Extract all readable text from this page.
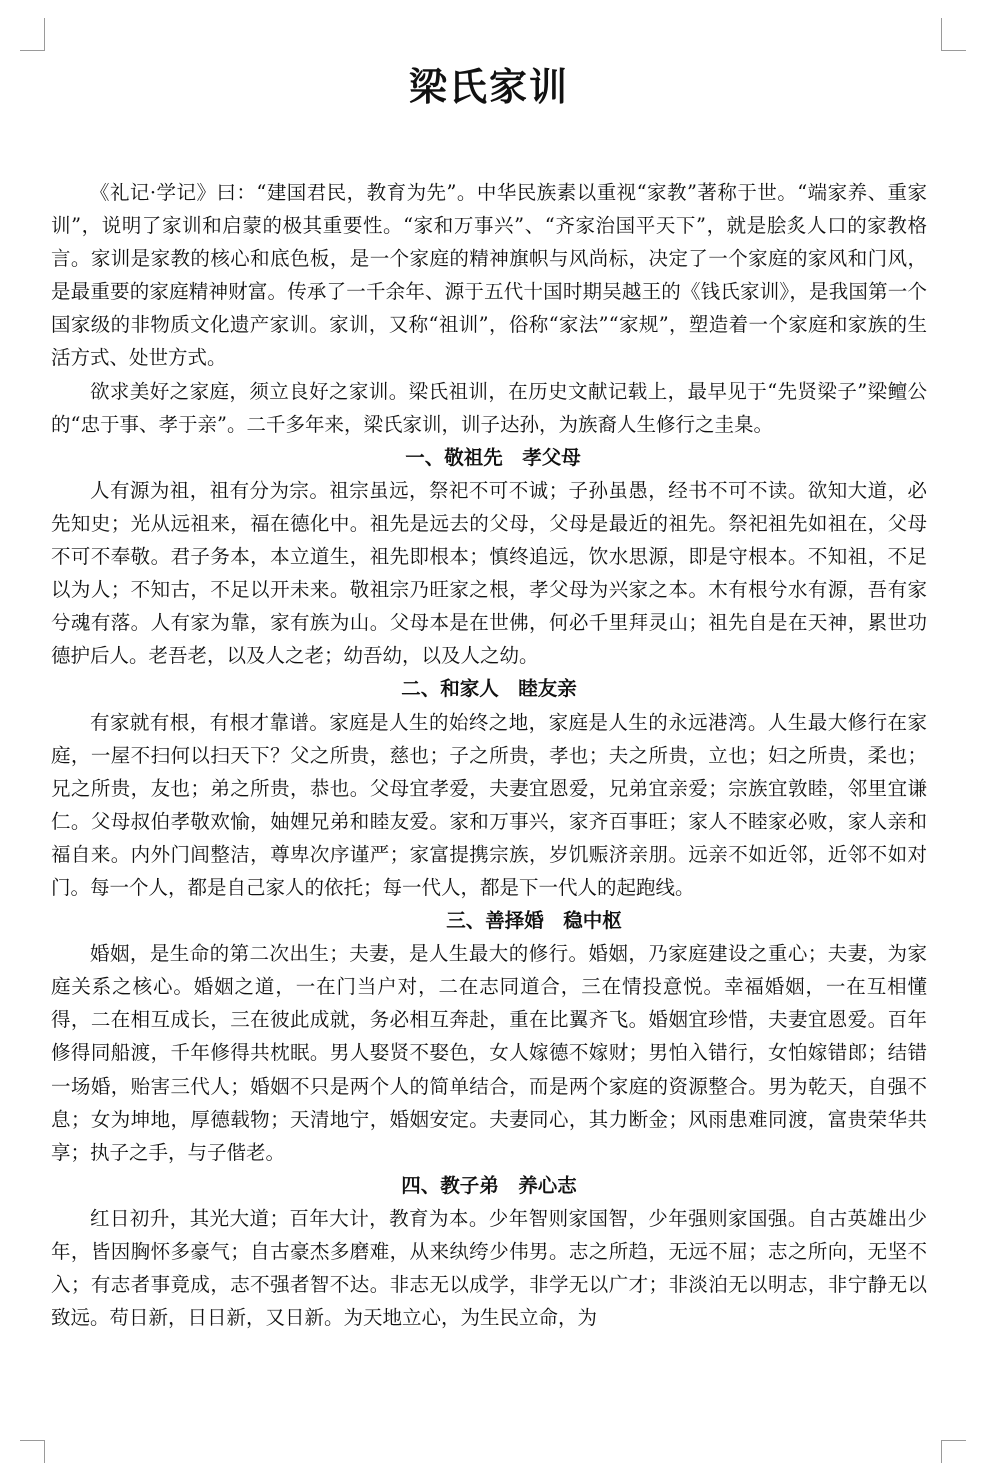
梁氏家训

《礼记·学记》曰：“建国君民，教育为先”。中华民族素以重视“家教”著称于世。“端家养、重家训”，说明了家训和启蒙的极其重要性。“家和万事兴”、“齐家治国平天下”，就是脍炙人口的家教格言。家训是家教的核心和底色板，是一个家庭的精神旗帜与风尚标，决定了一个家庭的家风和门风，是最重要的家庭精神财富。传承了一千余年、源于五代十国时期吴越王的《钱氏家训》，是我国第一个国家级的非物质文化遗产家训。家训，又称“祖训”，俗称“家法”“家规”，塑造着一个家庭和家族的生活方式、处世方式。

欲求美好之家庭，须立良好之家训。梁氏祖训，在历史文献记载上，最早见于“先贤梁子”梁鳣公的“忠于事、孝于亲”。二千多年来，梁氏家训，训子达孙，为族裔人生修行之圭臬。

一、敬祖先　孝父母

人有源为祖，祖有分为宗。祖宗虽远，祭祀不可不诚；子孙虽愚，经书不可不读。欲知大道，必先知史；光从远祖来，福在德化中。祖先是远去的父母，父母是最近的祖先。祭祀祖先如祖在，父母不可不奉敬。君子务本，本立道生，祖先即根本；慎终追远，饮水思源，即是守根本。不知祖，不足以为人；不知古，不足以开未来。敬祖宗乃旺家之根，孝父母为兴家之本。木有根兮水有源，吾有家兮魂有落。人有家为靠，家有族为山。父母本是在世佛，何必千里拜灵山；祖先自是在天神，累世功德护后人。老吾老，以及人之老；幼吾幼，以及人之幼。

二、和家人　睦友亲

有家就有根，有根才靠谱。家庭是人生的始终之地，家庭是人生的永远港湾。人生最大修行在家庭，一屋不扫何以扫天下？父之所贵，慈也；子之所贵，孝也；夫之所贵，立也；妇之所贵，柔也；兄之所贵，友也；弟之所贵，恭也。父母宜孝爱，夫妻宜恩爱，兄弟宜亲爱；宗族宜敦睦，邻里宜谦仁。父母叔伯孝敬欢愉，妯娌兄弟和睦友爱。家和万事兴，家齐百事旺；家人不睦家必败，家人亲和福自来。内外门闾整洁，尊卑次序谨严；家富提携宗族，岁饥赈济亲朋。远亲不如近邻，近邻不如对门。每一个人，都是自己家人的依托；每一代人，都是下一代人的起跑线。

三、善择婚　稳中枢

婚姻，是生命的第二次出生；夫妻，是人生最大的修行。婚姻，乃家庭建设之重心；夫妻，为家庭关系之核心。婚姻之道，一在门当户对，二在志同道合，三在情投意悦。幸福婚姻，一在互相懂得，二在相互成长，三在彼此成就，务必相互奔赴，重在比翼齐飞。婚姻宜珍惜，夫妻宜恩爱。百年修得同船渡，千年修得共枕眠。男人娶贤不娶色，女人嫁德不嫁财；男怕入错行，女怕嫁错郎；结错一场婚，贻害三代人；婚姻不只是两个人的简单结合，而是两个家庭的资源整合。男为乾天，自强不息；女为坤地，厚德载物；天清地宁，婚姻安定。夫妻同心，其力断金；风雨患难同渡，富贵荣华共享；执子之手，与子偕老。

四、教子弟　养心志

红日初升，其光大道；百年大计，教育为本。少年智则家国智，少年强则家国强。自古英雄出少年，皆因胸怀多豪气；自古豪杰多磨难，从来纨绔少伟男。志之所趋，无远不屈；志之所向，无坚不入；有志者事竟成，志不强者智不达。非志无以成学，非学无以广才；非淡泊无以明志，非宁静无以致远。苟日新，日日新，又日新。为天地立心，为生民立命，为
